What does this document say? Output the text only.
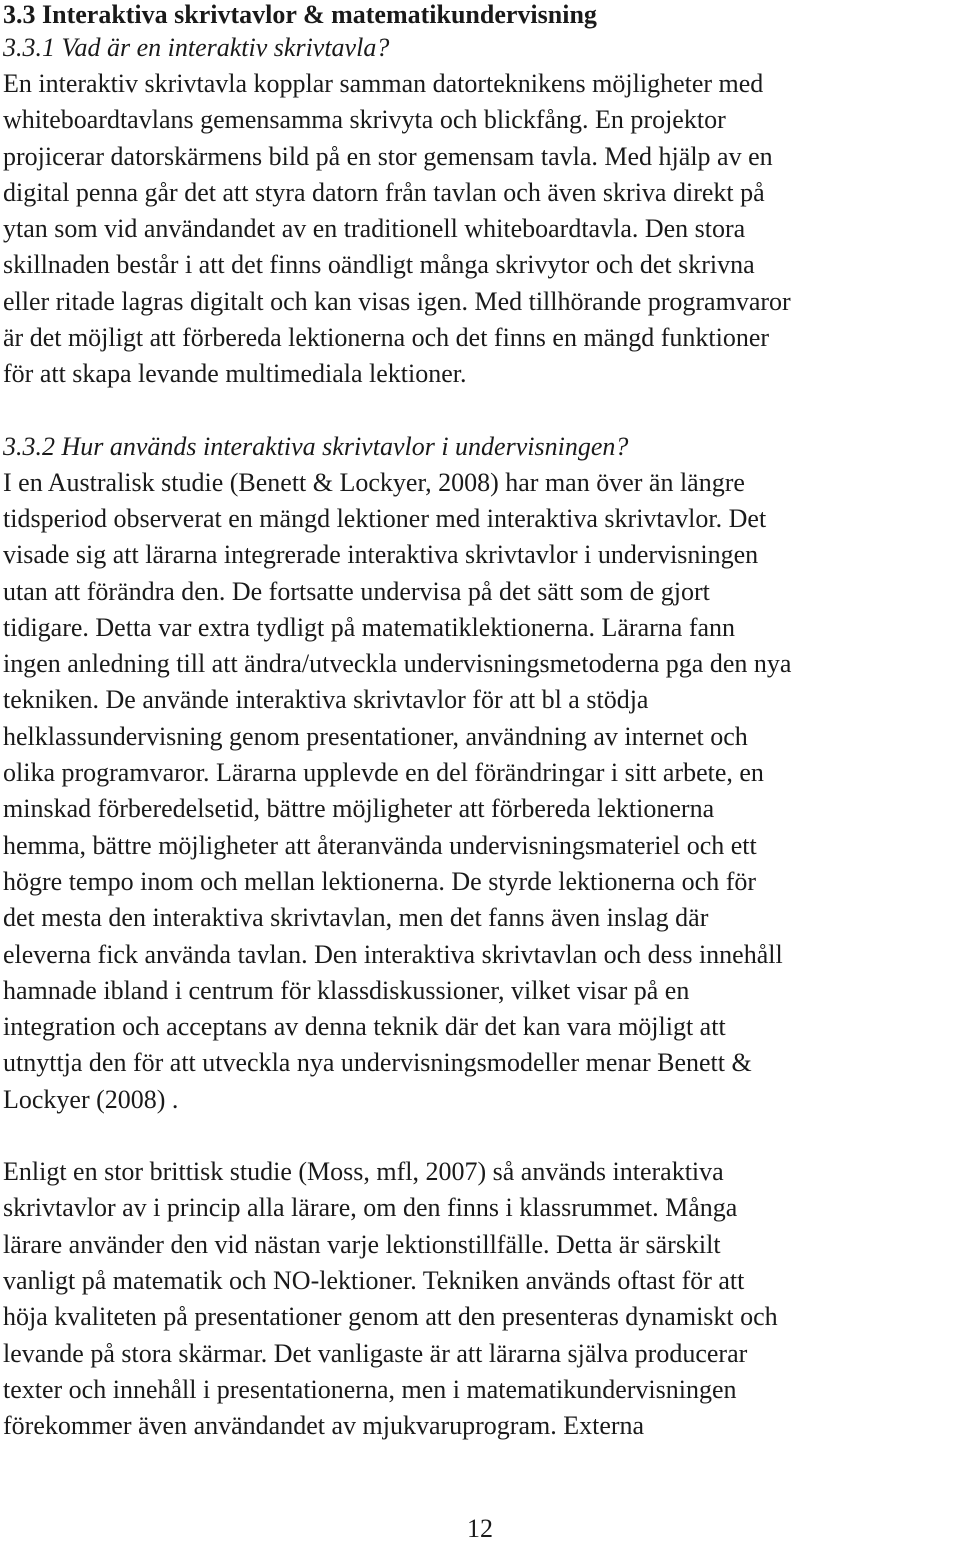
3.3 Interaktiva skrivtavlor & matematikundervisning
3.3.1 Vad är en interaktiv skrivtavla?
En interaktiv skrivtavla kopplar samman datorteknikens möjligheter med
whiteboardtavlans gemensamma skrivyta och blickfång. En projektor
projicerar datorskärmens bild på en stor gemensam tavla. Med hjälp av en
digital penna går det att styra datorn från tavlan och även skriva direkt på
ytan som vid användandet av en traditionell whiteboardtavla. Den stora
skillnaden består i att det finns oändligt många skrivytor och det skrivna
eller ritade lagras digitalt och kan visas igen. Med tillhörande programvaror
är det möjligt att förbereda lektionerna och det finns en mängd funktioner
för att skapa levande multimediala lektioner.
3.3.2 Hur används interaktiva skrivtavlor i undervisningen?
I en Australisk studie (Benett & Lockyer, 2008) har man över än längre
tidsperiod observerat en mängd lektioner med interaktiva skrivtavlor. Det
visade sig att lärarna integrerade interaktiva skrivtavlor i undervisningen
utan att förändra den. De fortsatte undervisa på det sätt som de gjort
tidigare. Detta var extra tydligt på matematiklektionerna. Lärarna fann
ingen anledning till att ändra/utveckla undervisningsmetoderna pga den nya
tekniken. De använde interaktiva skrivtavlor för att bl a stödja
helklassundervisning genom presentationer, användning av internet och
olika programvaror. Lärarna upplevde en del förändringar i sitt arbete, en
minskad förberedelsetid, bättre möjligheter att förbereda lektionerna
hemma, bättre möjligheter att återanvända undervisningsmateriel och ett
högre tempo inom och mellan lektionerna. De styrde lektionerna och för
det mesta den interaktiva skrivtavlan, men det fanns även inslag där
eleverna fick använda tavlan. Den interaktiva skrivtavlan och dess innehåll
hamnade ibland i centrum för klassdiskussioner, vilket visar på en
integration och acceptans av denna teknik där det kan vara möjligt att
utnyttja den för att utveckla nya undervisningsmodeller menar Benett &
Lockyer (2008) .
Enligt en stor brittisk studie (Moss, mfl, 2007) så används interaktiva
skrivtavlor av i princip alla lärare, om den finns i klassrummet. Många
lärare använder den vid nästan varje lektionstillfälle. Detta är särskilt
vanligt på matematik och NO-lektioner. Tekniken används oftast för att
höja kvaliteten på presentationer genom att den presenteras dynamiskt och
levande på stora skärmar. Det vanligaste är att lärarna själva producerar
texter och innehåll i presentationerna, men i matematikundervisningen
förekommer även användandet av mjukvaruprogram. Externa
12
